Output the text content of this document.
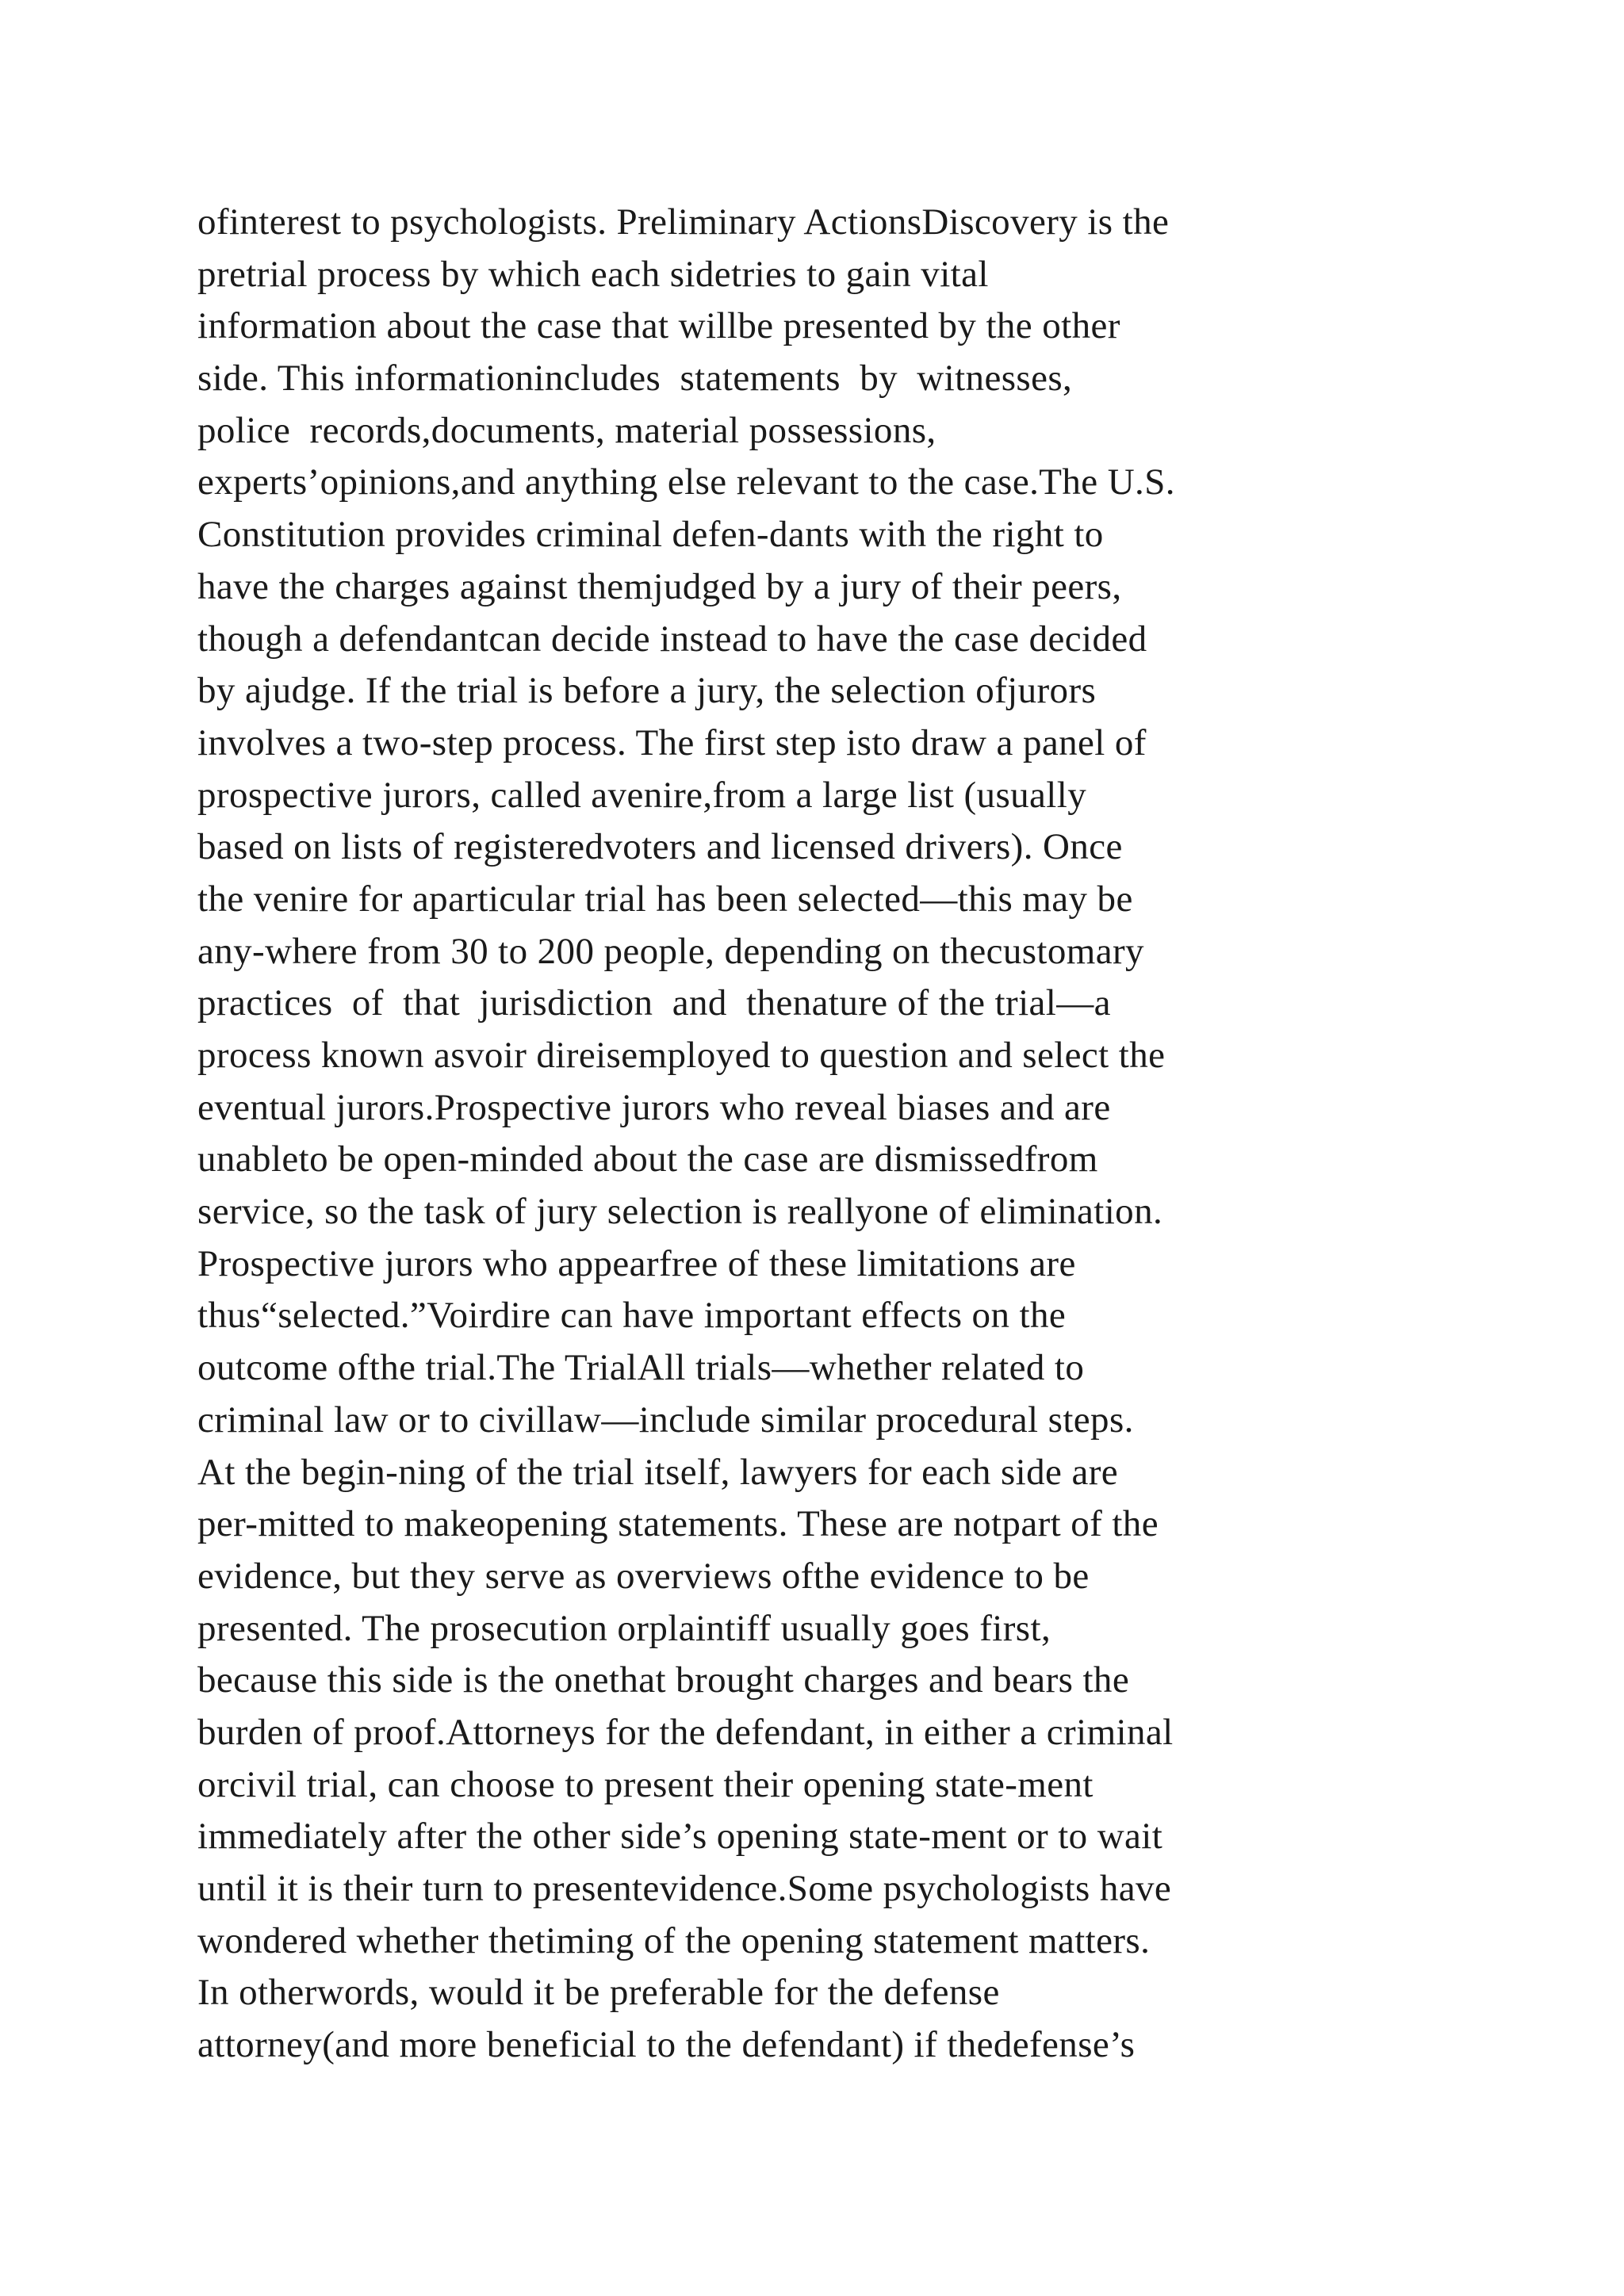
ofinterest to psychologists. Preliminary ActionsDiscovery is the
pretrial process by which each sidetries to gain vital
information about the case that willbe presented by the other
side. This informationincludes  statements  by  witnesses,
police  records,documents, material possessions,
experts’opinions,and anything else relevant to the case.The U.S.
Constitution provides criminal defen-dants with the right to
have the charges against themjudged by a jury of their peers,
though a defendantcan decide instead to have the case decided
by ajudge. If the trial is before a jury, the selection ofjurors
involves a two-step process. The first step isto draw a panel of
prospective jurors, called avenire,from a large list (usually
based on lists of registeredvoters and licensed drivers). Once
the venire for aparticular trial has been selected—this may be
any-where from 30 to 200 people, depending on thecustomary
practices  of  that  jurisdiction  and  thenature of the trial—a
process known asvoir direisemployed to question and select the
eventual jurors.Prospective jurors who reveal biases and are
unableto be open-minded about the case are dismissedfrom
service, so the task of jury selection is reallyone of elimination.
Prospective jurors who appearfree of these limitations are
thus“selected.”Voirdire can have important effects on the
outcome ofthe trial.The TrialAll trials—whether related to
criminal law or to civillaw—include similar procedural steps.
At the begin-ning of the trial itself, lawyers for each side are
per-mitted to makeopening statements. These are notpart of the
evidence, but they serve as overviews ofthe evidence to be
presented. The prosecution orplaintiff usually goes first,
because this side is the onethat brought charges and bears the
burden of proof.Attorneys for the defendant, in either a criminal
orcivil trial, can choose to present their opening state-ment
immediately after the other side’s opening state-ment or to wait
until it is their turn to presentevidence.Some psychologists have
wondered whether thetiming of the opening statement matters.
In otherwords, would it be preferable for the defense
attorney(and more beneficial to the defendant) if thedefense’s
